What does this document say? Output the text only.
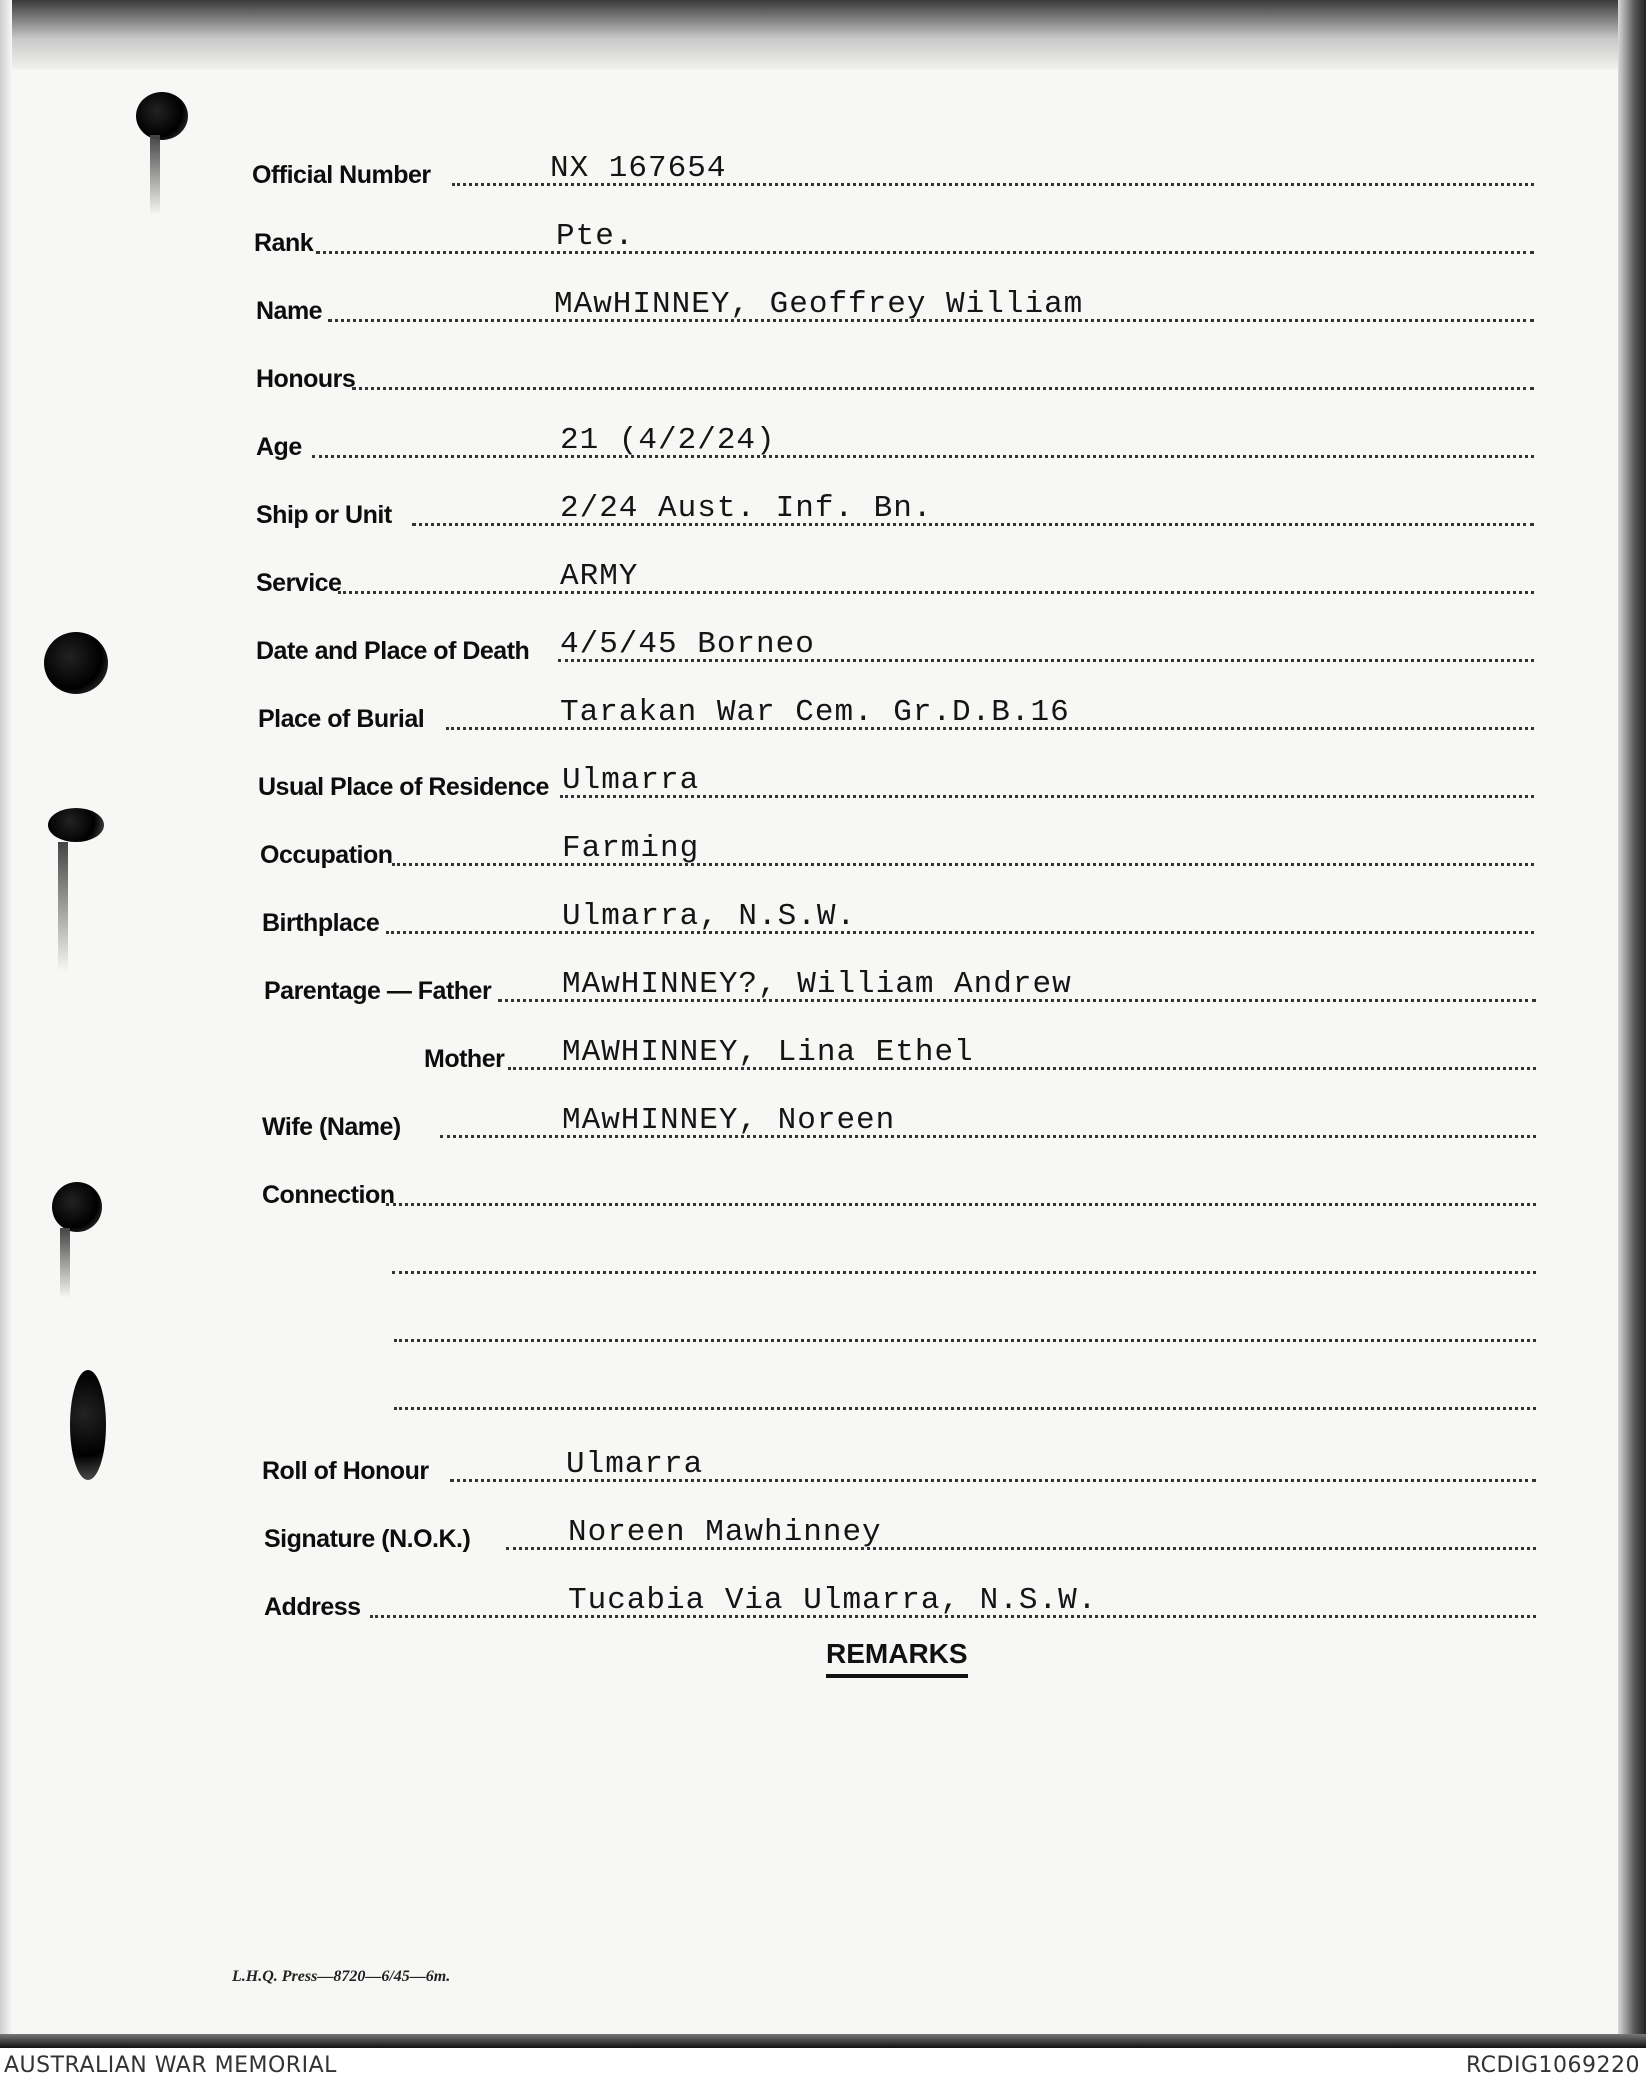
Official Number	NX 167654
Rank	Pte.
Name	MAwHINNEY, Geoffrey William
Honours
Age	21 (4/2/24)
Ship or Unit	2/24 Aust. Inf. Bn.
Service	ARMY
Date and Place of Death 4/5/45 Borneo
Place of Burial	Tarakan War Cem. Gr.D.B.16
Usual Place of Residence Ulmarra
Occupation	Farming
Birthplace	Ulmarra, N.S.W.
Parentage — Father MAwHINNEY?, William Andrew
Mother MAWHINNEY, Lina Ethel
Wife (Name)	MAwHINNEY, Noreen
Connection
Roll of Honour	Ulmarra
Signature (N.O.K.)	Noreen Mawhinney
Address	Tucabia Via Ulmarra, N.S.W.
REMARKS
L.H.Q. Press—8720—6/45—6m.
AUSTRALIAN WAR MEMORIAL	RCDIG1069220
